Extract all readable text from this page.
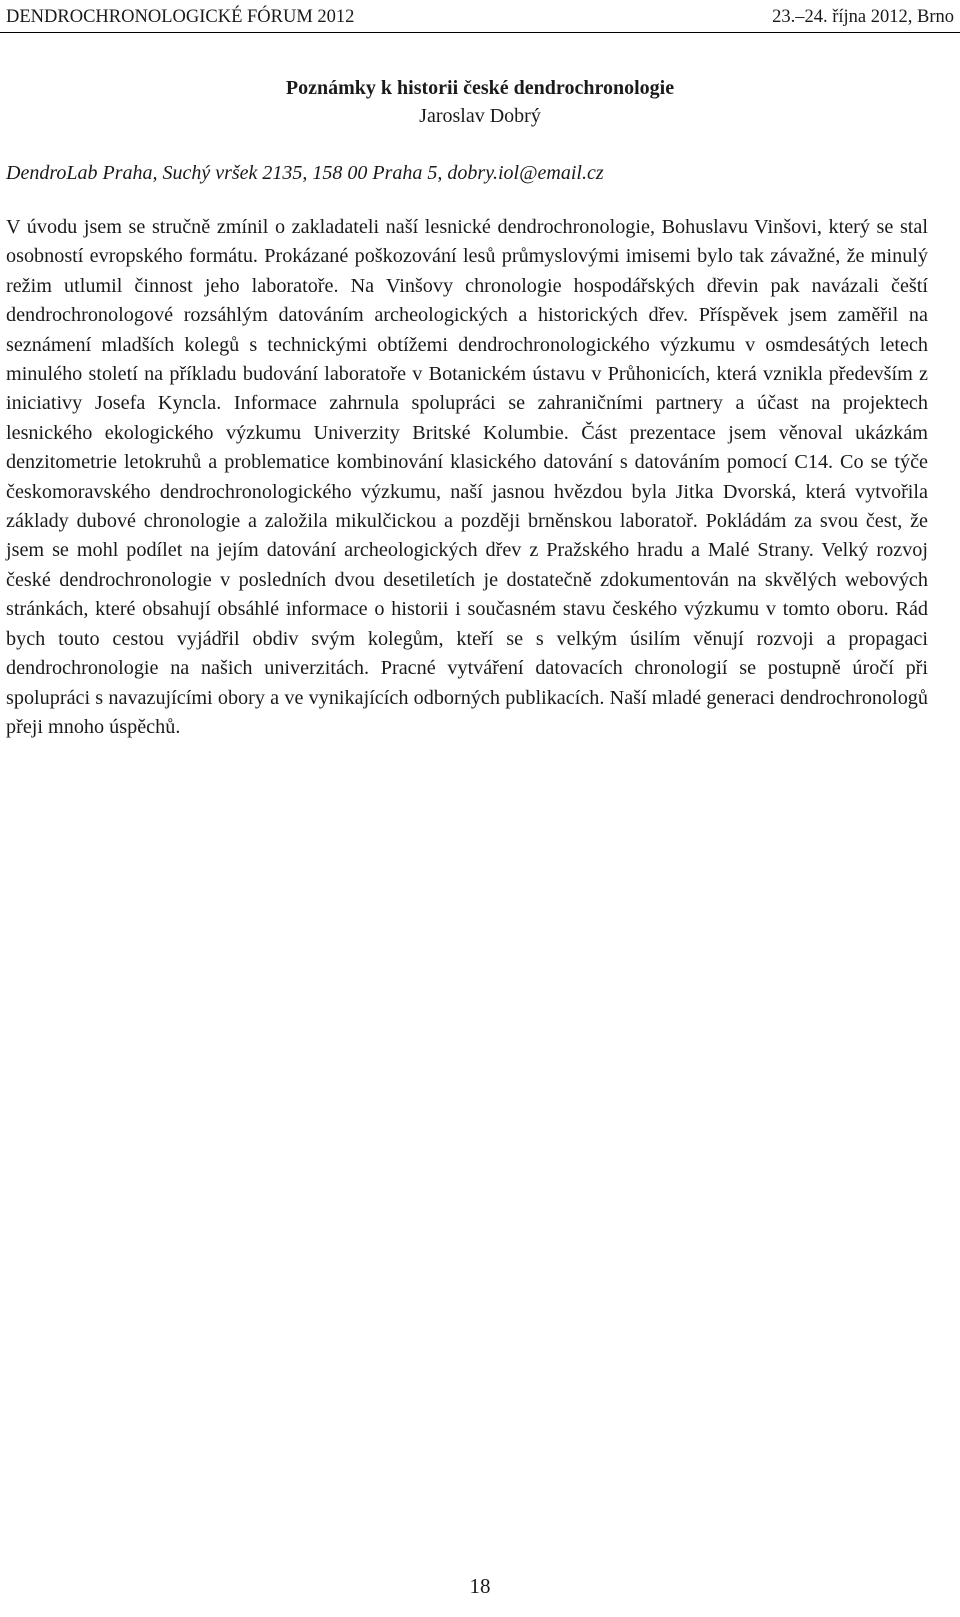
DENDROCHRONOLOGICKÉ FÓRUM 2012	23.–24. října 2012, Brno
Poznámky k historii české dendrochronologie
Jaroslav Dobrý
DendroLab Praha, Suchý vršek 2135, 158 00 Praha 5, dobry.iol@email.cz

V úvodu jsem se stručně zmínil o zakladateli naší lesnické dendrochronologie, Bohuslavu Vinšovi, který se stal osobností evropského formátu. Prokázané poškozování lesů průmyslovými imisemi bylo tak závažné, že minulý režim utlumil činnost jeho laboratoře. Na Vinšovy chronologie hospodářských dřevin pak navázali čeští dendrochronologové rozsáhlým datováním archeologických a historických dřev. Příspěvek jsem zaměřil na seznámení mladších kolegů s technickými obtížemi dendrochronologického výzkumu v osmdesátých letech minulého století na příkladu budování laboratoře v Botanickém ústavu v Průhonicích, která vznikla především z iniciativy Josefa Kyncla. Informace zahrnula spolupráci se zahraničními partnery a účast na projektech lesnického ekologického výzkumu Univerzity Britské Kolumbie. Část prezentace jsem věnoval ukázkám denzitometrie letokruhů a problematice kombinování klasického datování s datováním pomocí C14. Co se týče českomoravského dendrochronologického výzkumu, naší jasnou hvězdou byla Jitka Dvorská, která vytvořila základy dubové chronologie a založila mikulčickou a později brněnskou laboratoř. Pokládám za svou čest, že jsem se mohl podílet na jejím datování archeologických dřev z Pražského hradu a Malé Strany. Velký rozvoj české dendrochronologie v posledních dvou desetiletích je dostatečně zdokumentován na skvělých webových stránkách, které obsahují obsáhlé informace o historii i současném stavu českého výzkumu v tomto oboru. Rád bych touto cestou vyjádřil obdiv svým kolegům, kteří se s velkým úsilím věnují rozvoji a propagaci dendrochronologie na našich univerzitách. Pracné vytváření datovacích chronologií se postupně úročí při spolupráci s navazujícími obory a ve vynikajících odborných publikacích. Naší mladé generaci dendrochronologů přeji mnoho úspěchů.

18
